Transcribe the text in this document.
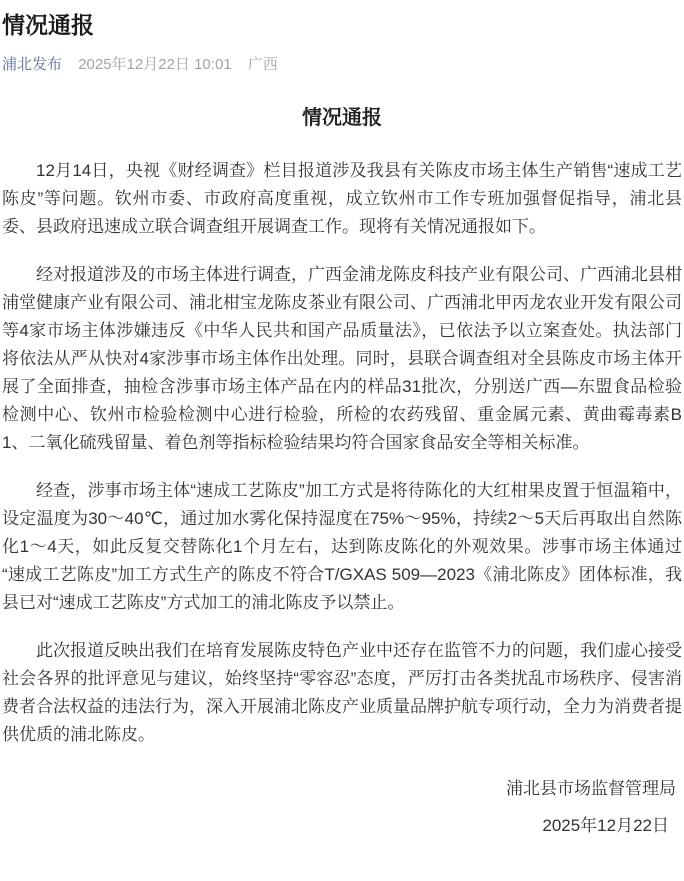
情况通报
浦北发布 2025年12月22日 10:01 广西
情况通报

12月14日，央视《财经调查》栏目报道涉及我县有关陈皮市场主体生产销售“速成工艺陈皮”等问题。钦州市委、市政府高度重视，成立钦州市工作专班加强督促指导，浦北县委、县政府迅速成立联合调查组开展调查工作。现将有关情况通报如下。

经对报道涉及的市场主体进行调查，广西金浦龙陈皮科技产业有限公司、广西浦北县柑浦堂健康产业有限公司、浦北柑宝龙陈皮茶业有限公司、广西浦北甲丙龙农业开发有限公司等4家市场主体涉嫌违反《中华人民共和国产品质量法》，已依法予以立案查处。执法部门将依法从严从快对4家涉事市场主体作出处理。同时，县联合调查组对全县陈皮市场主体开展了全面排查，抽检含涉事市场主体产品在内的样品31批次，分别送广西—东盟食品检验检测中心、钦州市检验检测中心进行检验，所检的农药残留、重金属元素、黄曲霉毒素B1、二氧化硫残留量、着色剂等指标检验结果均符合国家食品安全等相关标准。

经查，涉事市场主体“速成工艺陈皮”加工方式是将待陈化的大红柑果皮置于恒温箱中，设定温度为30～40℃，通过加水雾化保持湿度在75%～95%，持续2～5天后再取出自然陈化1～4天，如此反复交替陈化1个月左右，达到陈皮陈化的外观效果。涉事市场主体通过“速成工艺陈皮”加工方式生产的陈皮不符合T/GXAS 509—2023《浦北陈皮》团体标准，我县已对“速成工艺陈皮”方式加工的浦北陈皮予以禁止。

此次报道反映出我们在培育发展陈皮特色产业中还存在监管不力的问题，我们虚心接受社会各界的批评意见与建议，始终坚持“零容忍”态度，严厉打击各类扰乱市场秩序、侵害消费者合法权益的违法行为，深入开展浦北陈皮产业质量品牌护航专项行动，全力为消费者提供优质的浦北陈皮。

浦北县市场监督管理局
2025年12月22日
